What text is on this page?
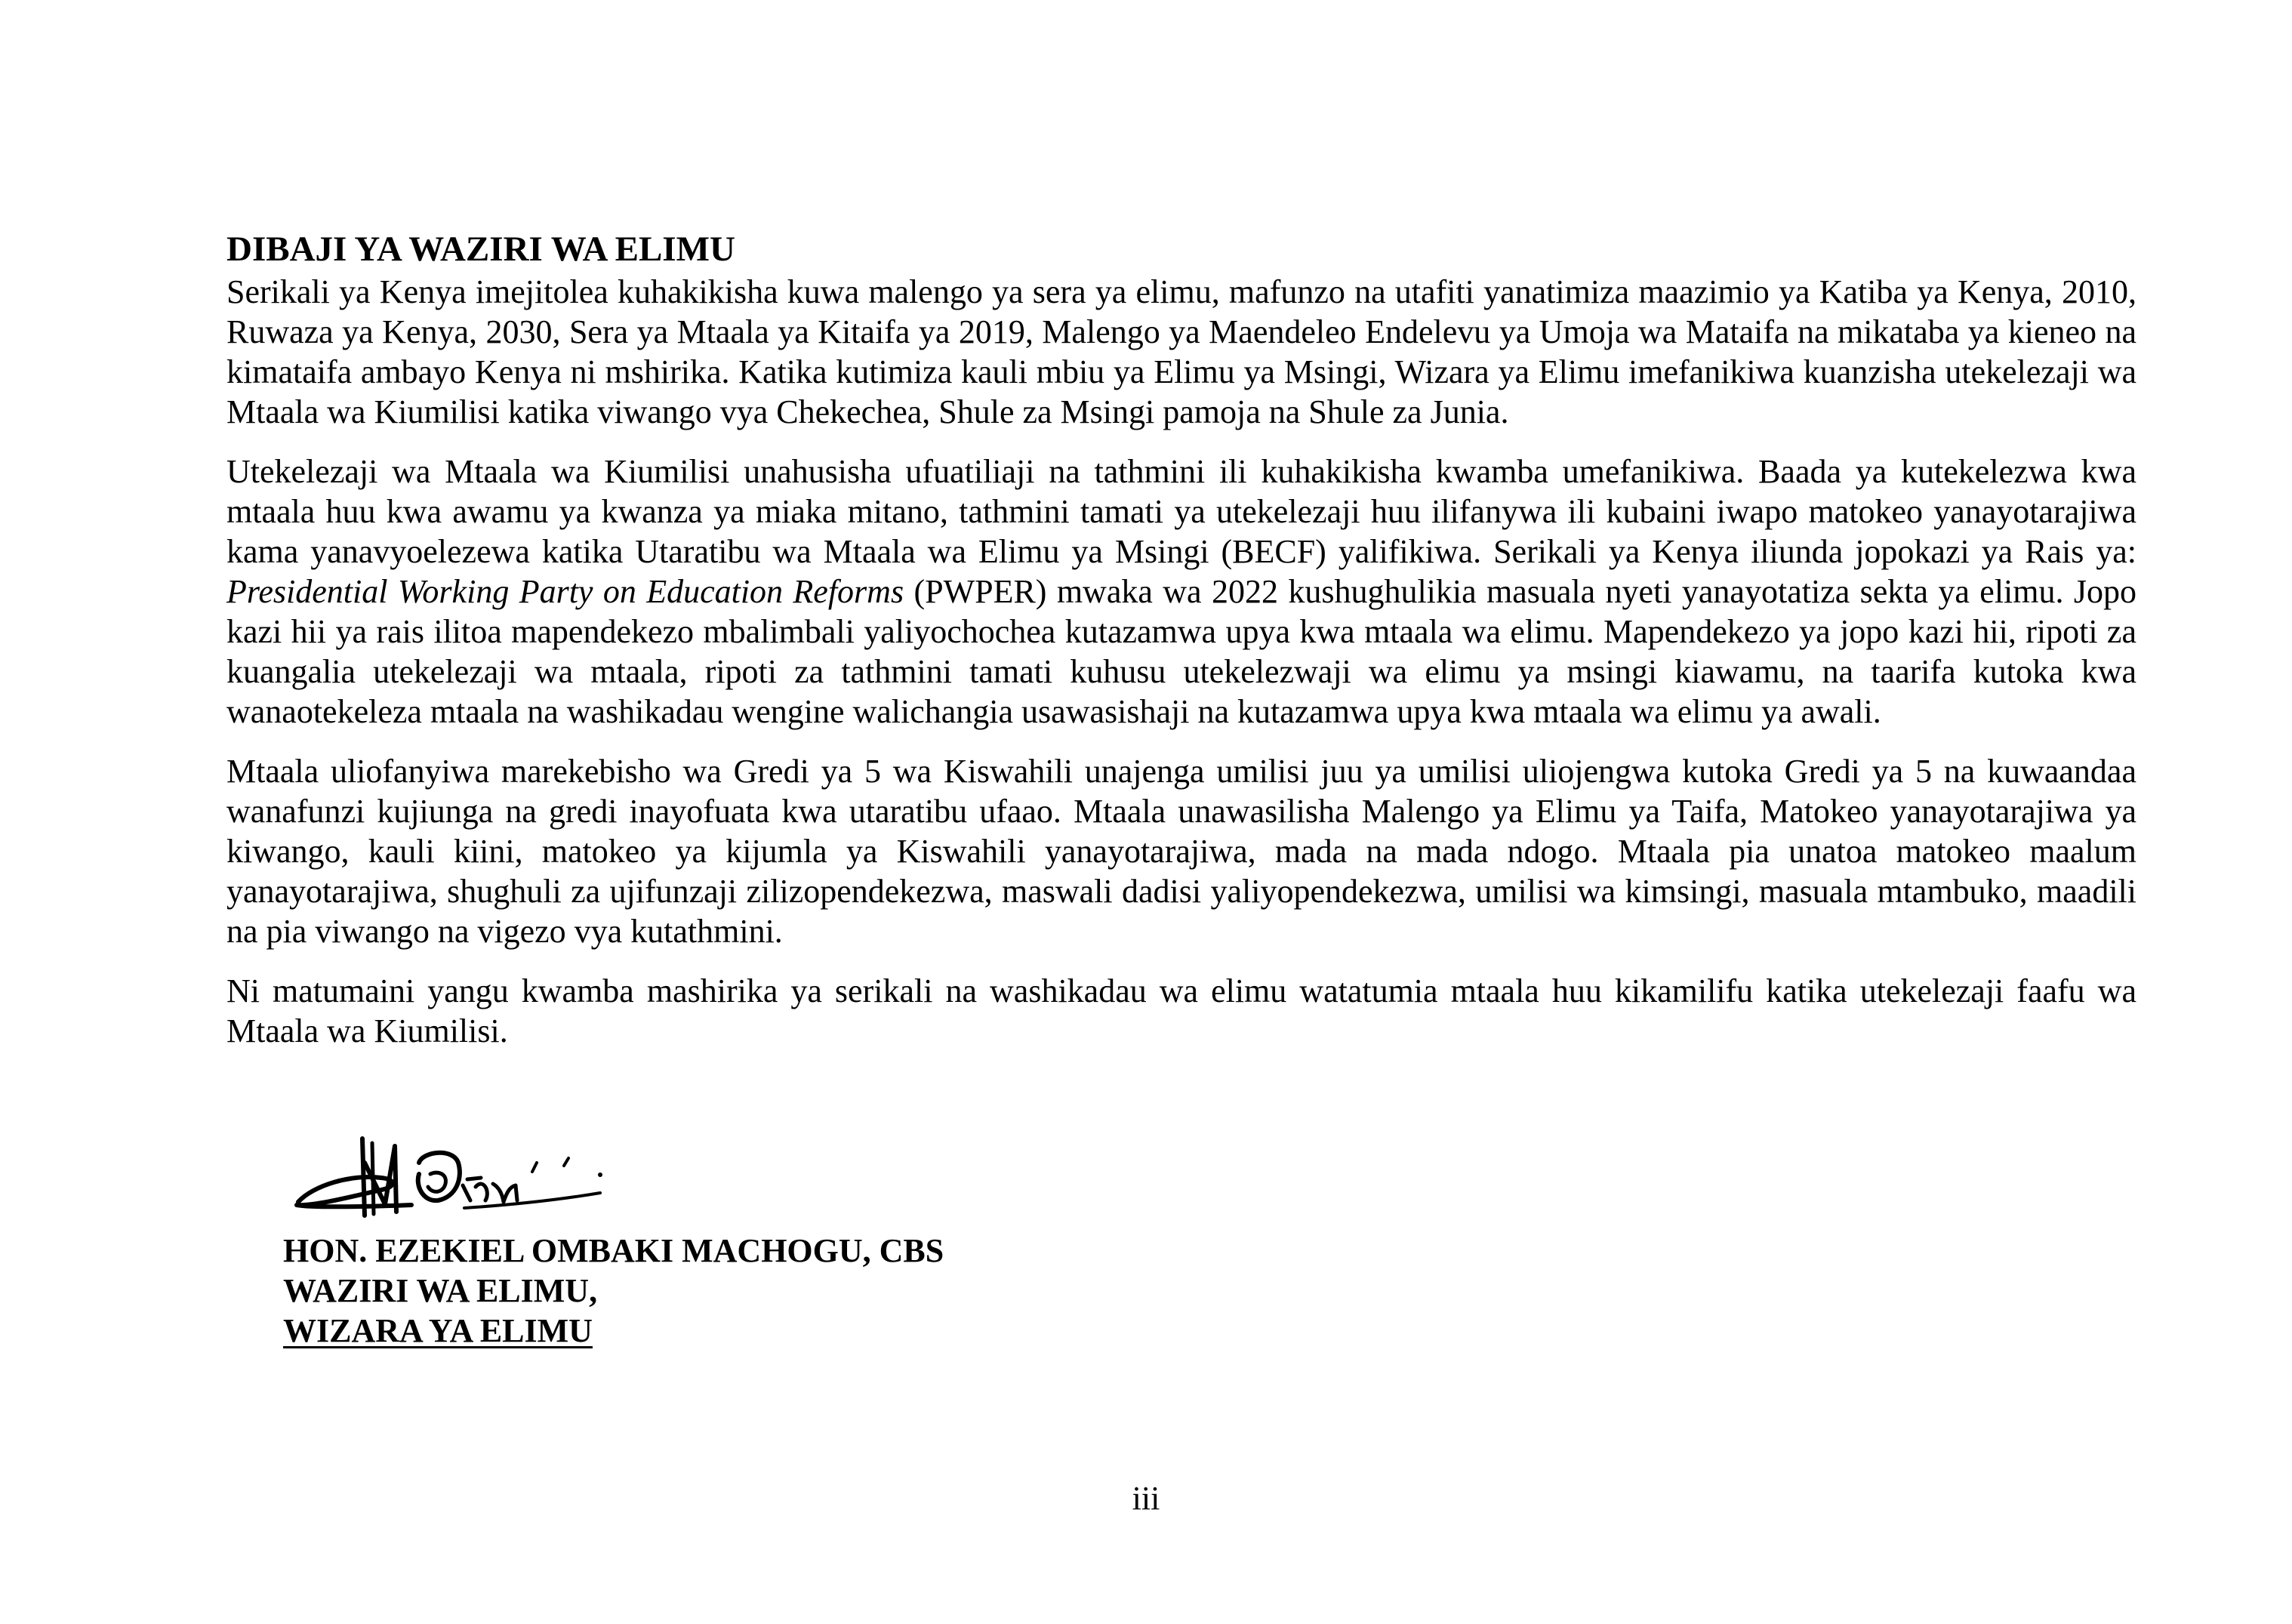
DIBAJI YA WAZIRI WA ELIMU

Serikali ya Kenya imejitolea kuhakikisha kuwa malengo ya sera ya elimu, mafunzo na utafiti yanatimiza maazimio ya Katiba ya Kenya, 2010, Ruwaza ya Kenya, 2030, Sera ya Mtaala ya Kitaifa ya 2019, Malengo ya Maendeleo Endelevu ya Umoja wa Mataifa na mikataba ya kieneo na kimataifa ambayo Kenya ni mshirika. Katika kutimiza kauli mbiu ya Elimu ya Msingi, Wizara ya Elimu imefanikiwa kuanzisha utekelezaji wa Mtaala wa Kiumilisi katika viwango vya Chekechea, Shule za Msingi pamoja na Shule za Junia.

Utekelezaji wa Mtaala wa Kiumilisi unahusisha ufuatiliaji na tathmini ili kuhakikisha kwamba umefanikiwa. Baada ya kutekelezwa kwa mtaala huu kwa awamu ya kwanza ya miaka mitano, tathmini tamati ya utekelezaji huu ilifanywa ili kubaini iwapo matokeo yanayotarajiwa kama yanavyoelezewa katika Utaratibu wa Mtaala wa Elimu ya Msingi (BECF) yalifikiwa. Serikali ya Kenya iliunda jopokazi ya Rais ya: Presidential Working Party on Education Reforms (PWPER) mwaka wa 2022 kushughulikia masuala nyeti yanayotatiza sekta ya elimu. Jopo kazi hii ya rais ilitoa mapendekezo mbalimbali yaliyochochea kutazamwa upya kwa mtaala wa elimu. Mapendekezo ya jopo kazi hii, ripoti za kuangalia utekelezaji wa mtaala, ripoti za tathmini tamati kuhusu utekelezwaji wa elimu ya msingi kiawamu, na taarifa kutoka kwa wanaotekeleza mtaala na washikadau wengine walichangia usawasishaji na kutazamwa upya kwa mtaala wa elimu ya awali.

Mtaala uliofanyiwa marekebisho wa Gredi ya 5 wa Kiswahili unajenga umilisi juu ya umilisi uliojengwa kutoka Gredi ya 5 na kuwaandaa wanafunzi kujiunga na gredi inayofuata kwa utaratibu ufaao. Mtaala unawasilisha Malengo ya Elimu ya Taifa, Matokeo yanayotarajiwa ya kiwango, kauli kiini, matokeo ya kijumla ya Kiswahili yanayotarajiwa, mada na mada ndogo. Mtaala pia unatoa matokeo maalum yanayotarajiwa, shughuli za ujifunzaji zilizopendekezwa, maswali dadisi yaliyopendekezwa, umilisi wa kimsingi, masuala mtambuko, maadili na pia viwango na vigezo vya kutathmini.

Ni matumaini yangu kwamba mashirika ya serikali na washikadau wa elimu watatumia mtaala huu kikamilifu katika utekelezaji faafu wa Mtaala wa Kiumilisi.

HON. EZEKIEL OMBAKI MACHOGU, CBS

WAZIRI WA ELIMU,

WIZARA YA ELIMU

iii
